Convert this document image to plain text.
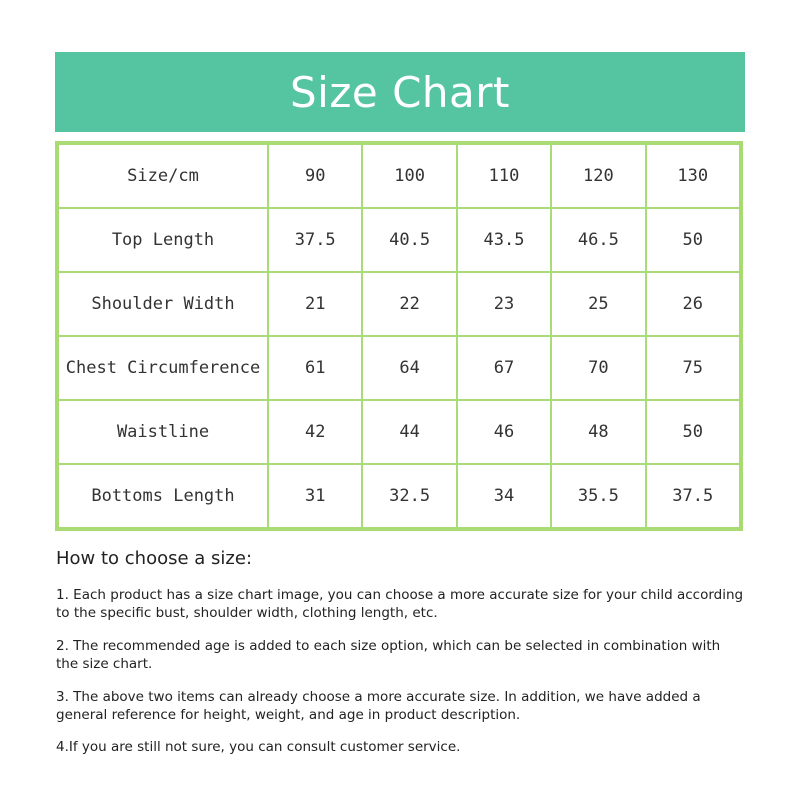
Size Chart
Size/cm	90	100	110	120	130
Top Length	37.5	40.5	43.5	46.5	50
Shoulder Width	21	22	23	25	26
Chest Circumference	61	64	67	70	75
Waistline	42	44	46	48	50
Bottoms Length	31	32.5	34	35.5	37.5
How to choose a size:
1. Each product has a size chart image, you can choose a more accurate size for your child according to the specific bust, shoulder width, clothing length, etc.
2. The recommended age is added to each size option, which can be selected in combination with the size chart.
3. The above two items can already choose a more accurate size. In addition, we have added a general reference for height, weight, and age in product description.
4.If you are still not sure, you can consult customer service.
